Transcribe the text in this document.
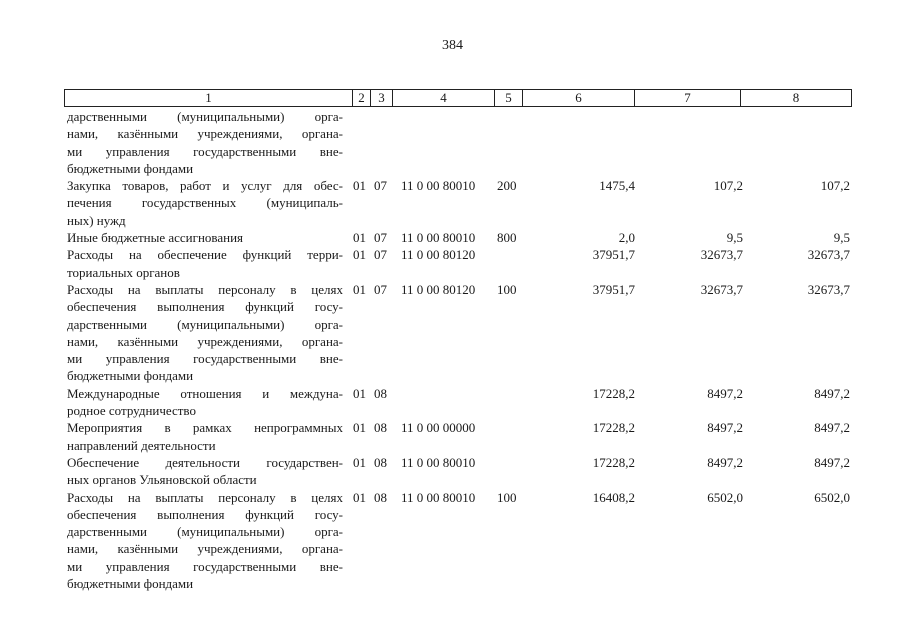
384
1	2	3	4	5	6	7	8
дарственными (муниципальными) орга-
нами, казёнными учреждениями, органа-
ми управления государственными вне-
бюджетными фондами
Закупка товаров, работ и услуг для обес-
печения государственных (муниципаль-
ных) нужд
01 07 11 0 00 80010 200	1475,4	107,2	107,2
Иные бюджетные ассигнования	01 07 11 0 00 80010 800	2,0	9,5	9,5
Расходы на обеспечение функций терри-
ториальных органов
01 07 11 0 00 80120	37951,7	32673,7	32673,7
Расходы на выплаты персоналу в целях
обеспечения выполнения функций госу-
дарственными (муниципальными) орга-
нами, казёнными учреждениями, органа-
ми управления государственными вне-
бюджетными фондами
01 07 11 0 00 80120 100	37951,7	32673,7	32673,7
Международные отношения и междуна-
родное сотрудничество
01 08	17228,2	8497,2	8497,2
Мероприятия в рамках непрограммных
направлений деятельности
01 08 11 0 00 00000	17228,2	8497,2	8497,2
Обеспечение деятельности государствен-
ных органов Ульяновской области
01 08 11 0 00 80010	17228,2	8497,2	8497,2
Расходы на выплаты персоналу в целях
обеспечения выполнения функций госу-
дарственными (муниципальными) орга-
нами, казёнными учреждениями, органа-
ми управления государственными вне-
бюджетными фондами
01 08 11 0 00 80010 100	16408,2	6502,0	6502,0
